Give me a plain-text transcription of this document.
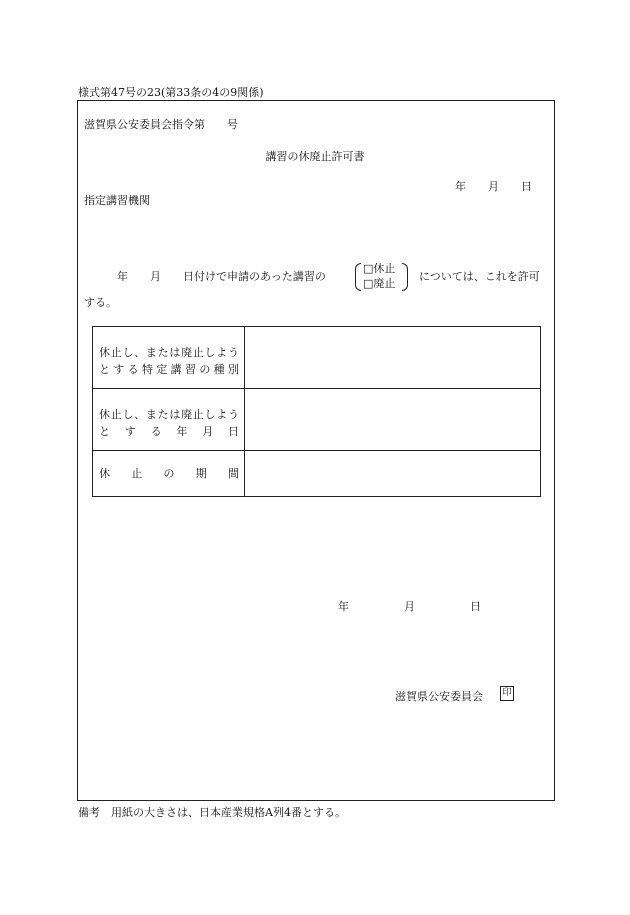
様式第47号の23(第33条の4の9関係)
滋賀県公安委員会指令第　　号
講習の休廃止許可書
年　　月　　日
指定講習機関
　　　年　　月　　日付けで申請のあった講習の
□休止
□廃止
については、これを許可
する。
休止し、または廃止しよう
とする特定講習の種別
休止し、または廃止しよう
とする年月日
休止の期間
年　　　　　月　　　　　日
滋賀県公安委員会 印
備考　用紙の大きさは、日本産業規格A列4番とする。
